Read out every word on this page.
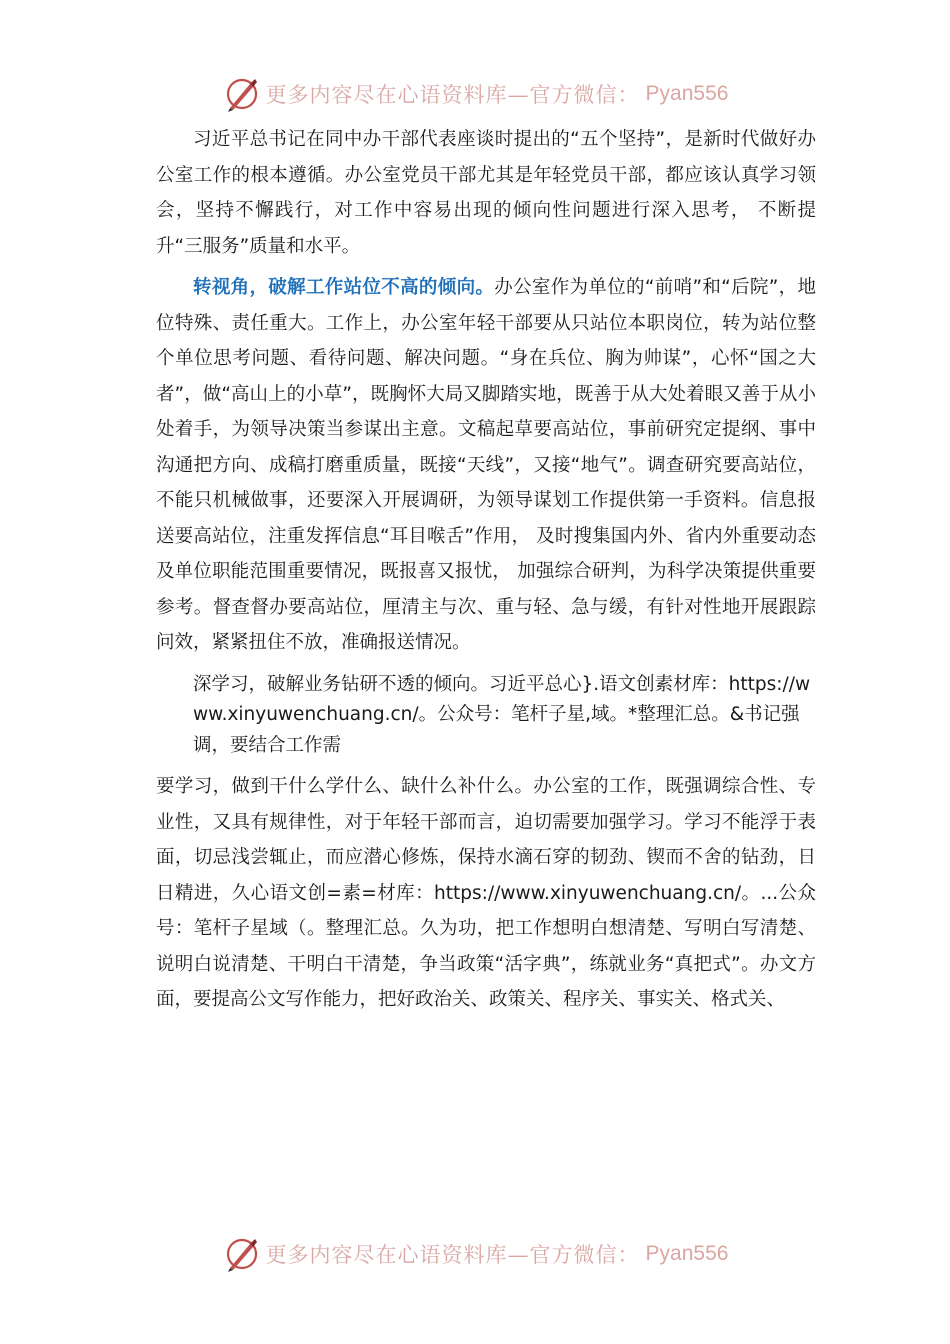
更多内容尽在心语资料库—官方微信： Pyan556

习近平总书记在同中办干部代表座谈时提出的“五个坚持”，是新时代做好办公室工作的根本遵循。办公室党员干部尤其是年轻党员干部，都应该认真学习领会，坚持不懈践行，对工作中容易出现的倾向性问题进行深入思考， 不断提升“三服务”质量和水平。

转视角，破解工作站位不高的倾向。办公室作为单位的“前哨”和“后院”，地位特殊、责任重大。工作上，办公室年轻干部要从只站位本职岗位，转为站位整个单位思考问题、看待问题、解决问题。“身在兵位、胸为帅谋”，心怀“国之大者”，做“高山上的小草”，既胸怀大局又脚踏实地，既善于从大处着眼又善于从小处着手，为领导决策当参谋出主意。文稿起草要高站位，事前研究定提纲、事中沟通把方向、成稿打磨重质量，既接“天线”，又接“地气”。调查研究要高站位，不能只机械做事，还要深入开展调研，为领导谋划工作提供第一手资料。信息报送要高站位，注重发挥信息“耳目喉舌”作用， 及时搜集国内外、省内外重要动态及单位职能范围重要情况，既报喜又报忧， 加强综合研判，为科学决策提供重要参考。督查督办要高站位，厘清主与次、重与轻、急与缓，有针对性地开展跟踪问效，紧紧扭住不放，准确报送情况。

深学习，破解业务钻研不透的倾向。习近平总心}.语文创素材库：https://www.xinyuwenchuang.cn/。公众号：笔杆子星,域。*整理汇总。&书记强调，要结合工作需

要学习，做到干什么学什么、缺什么补什么。办公室的工作，既强调综合性、专业性，又具有规律性，对于年轻干部而言，迫切需要加强学习。学习不能浮于表面，切忌浅尝辄止，而应潜心修炼，保持水滴石穿的韧劲、锲而不舍的钻劲，日日精进，久心语文创=素=材库：https://www.xinyuwenchuang.cn/。...公众号：笔杆子星域（。整理汇总。久为功，把工作想明白想清楚、写明白写清楚、说明白说清楚、干明白干清楚，争当政策“活字典”，练就业务“真把式”。办文方面，要提高公文写作能力，把好政治关、政策关、程序关、事实关、格式关、

更多内容尽在心语资料库—官方微信： Pyan556
